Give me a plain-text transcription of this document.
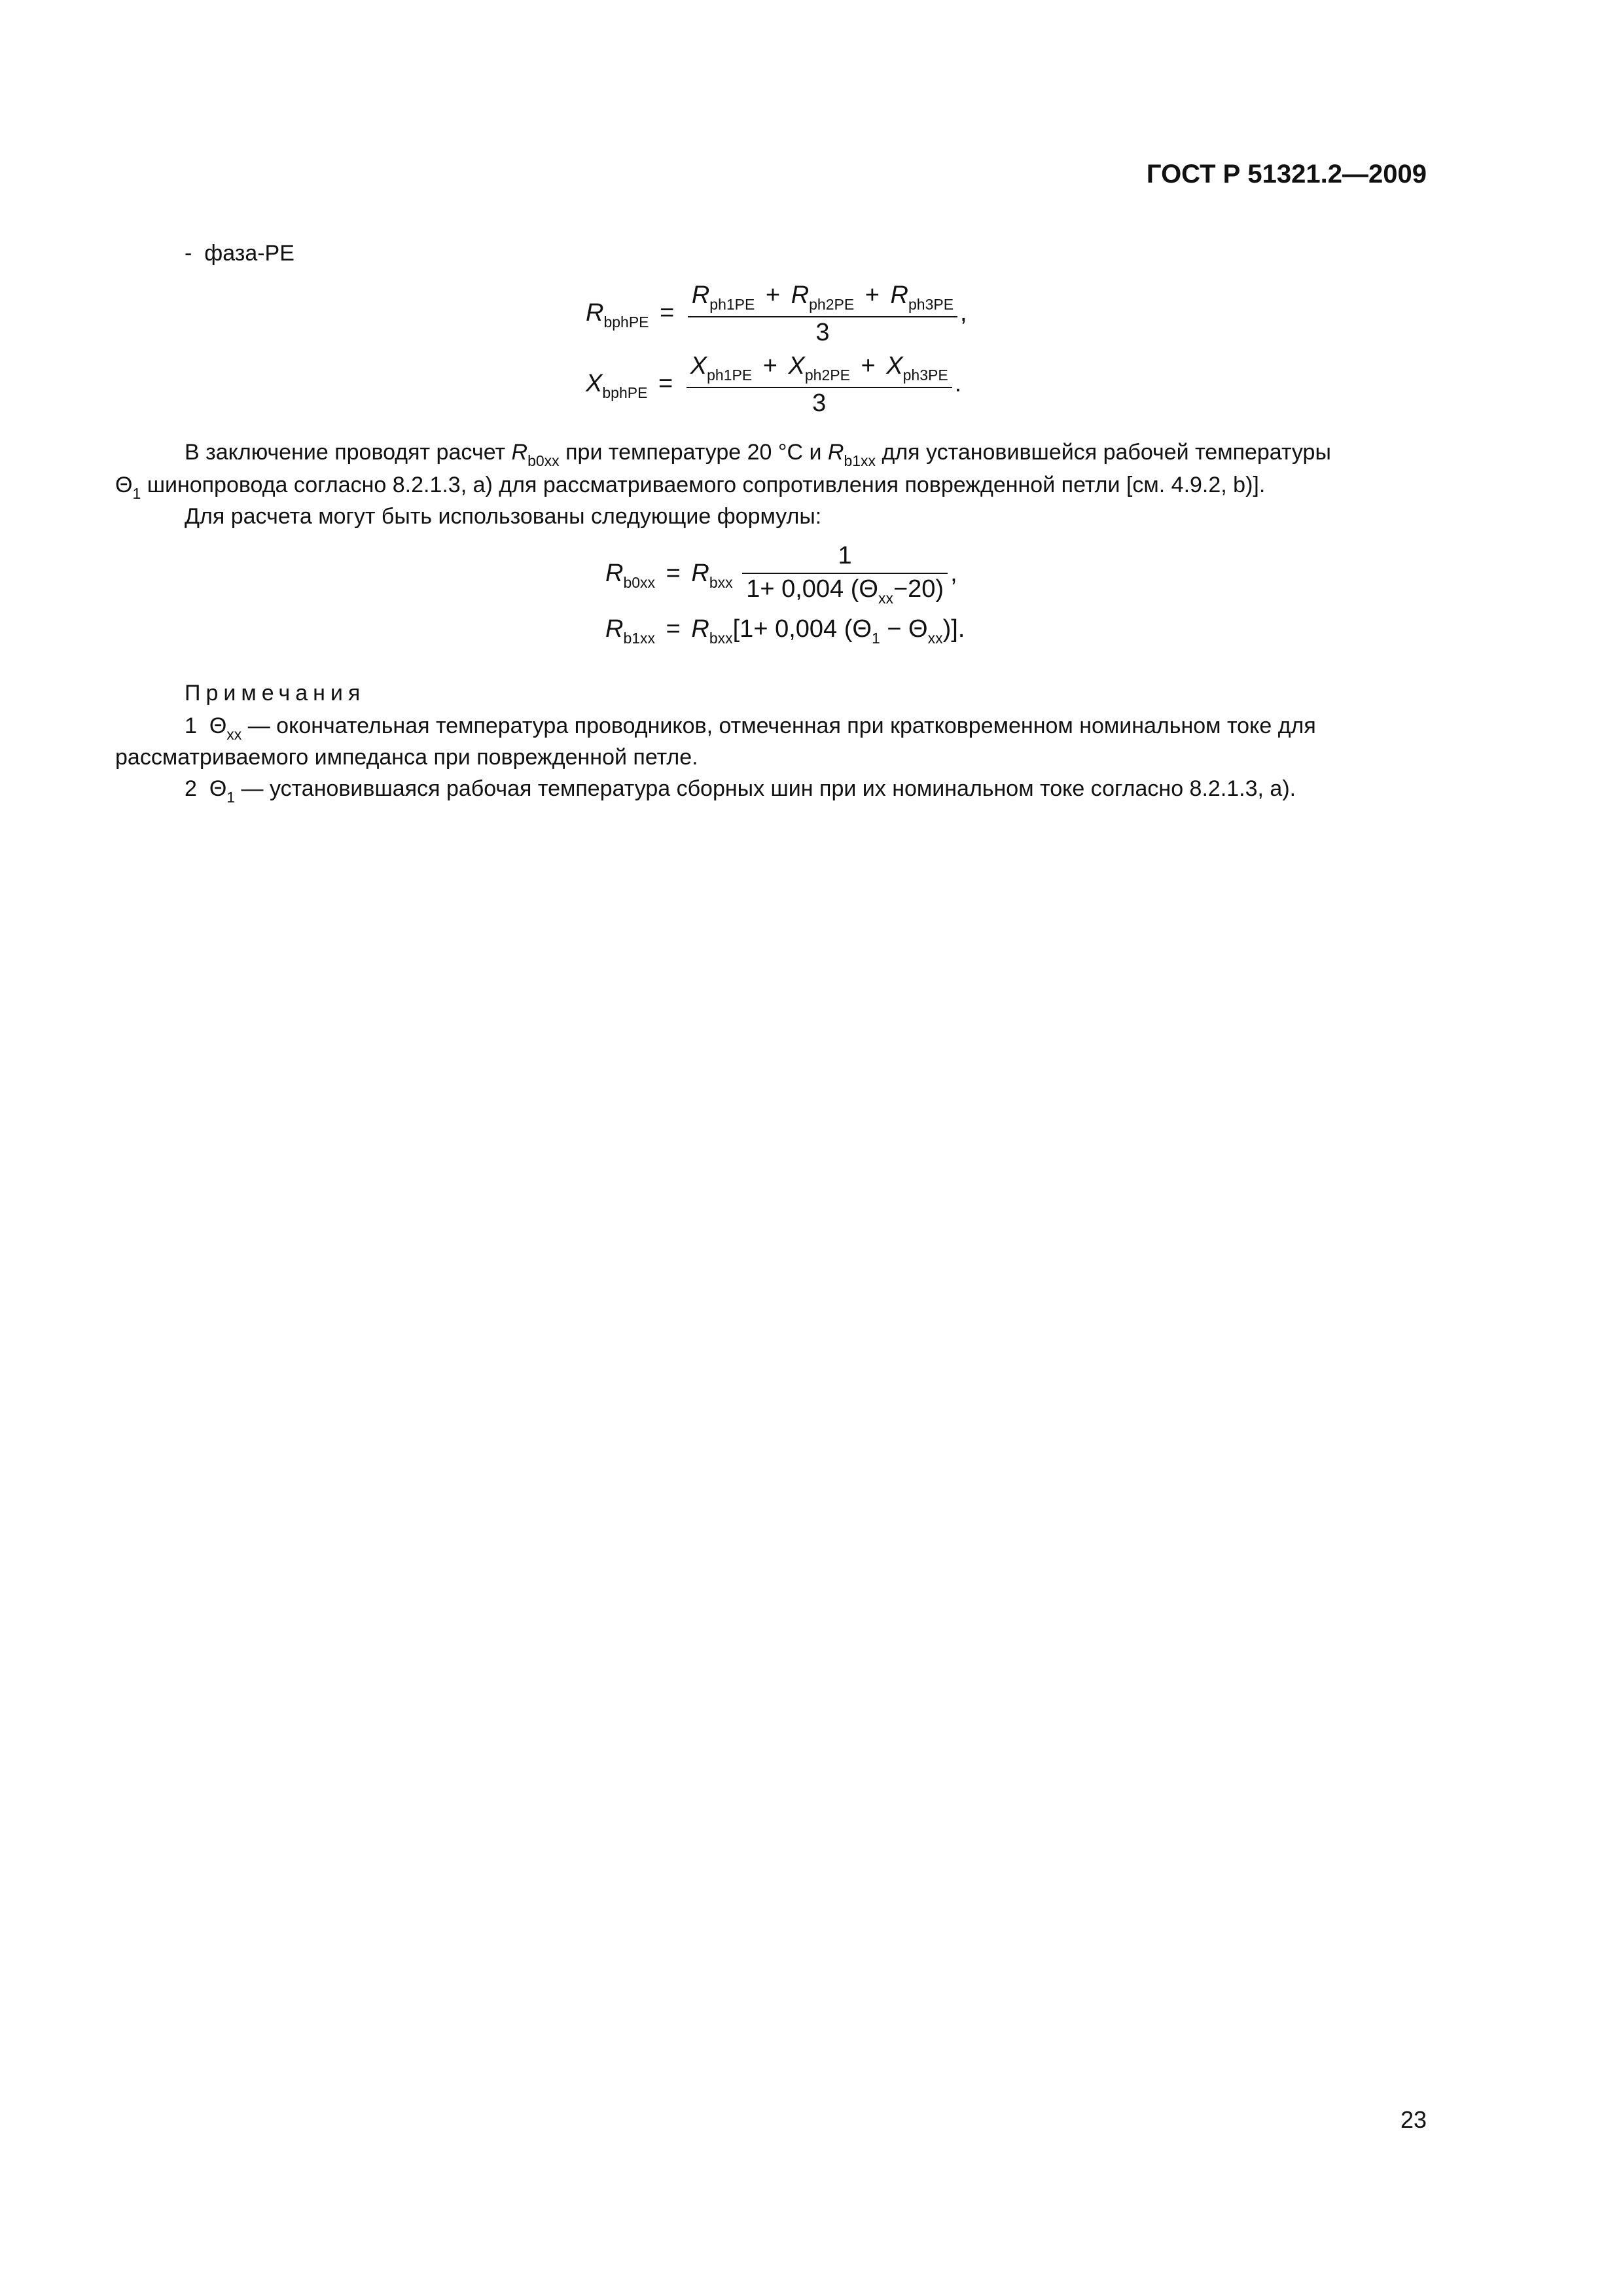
ГОСТ Р 51321.2—2009
- фаза-PE
$R_{bphPE} = \frac{R_{ph1PE} + R_{ph2PE} + R_{ph3PE}}{3}$ ,
$X_{bphPE} = \frac{X_{ph1PE} + X_{ph2PE} + X_{ph3PE}}{3}$ .
В заключение проводят расчет $R_{b0xx}$ при температуре 20 °С и $R_{b1xx}$ для установившейся рабочей температуры
$\Theta_1$ шинопровода согласно 8.2.1.3, a) для рассматриваемого сопротивления поврежденной петли [см. 4.9.2, b)].
Для расчета могут быть использованы следующие формулы:
$R_{b0xx} = R_{bxx} \frac{1}{1+ 0,004 (\Theta_{xx}-20)}$ ,
$R_{b1xx} = R_{bxx}[1+ 0,004$ $(\Theta_1 - \Theta_{xx})$].
Примечания
1 $\Theta_{xx}$ — окончательная температура проводников, отмеченная при кратковременном номинальном токе для
рассматриваемого импеданса при поврежденной петле.
2 $\Theta_1$ — установившаяся рабочая температура сборных шин при их номинальном токе согласно 8.2.1.3, a).
23
